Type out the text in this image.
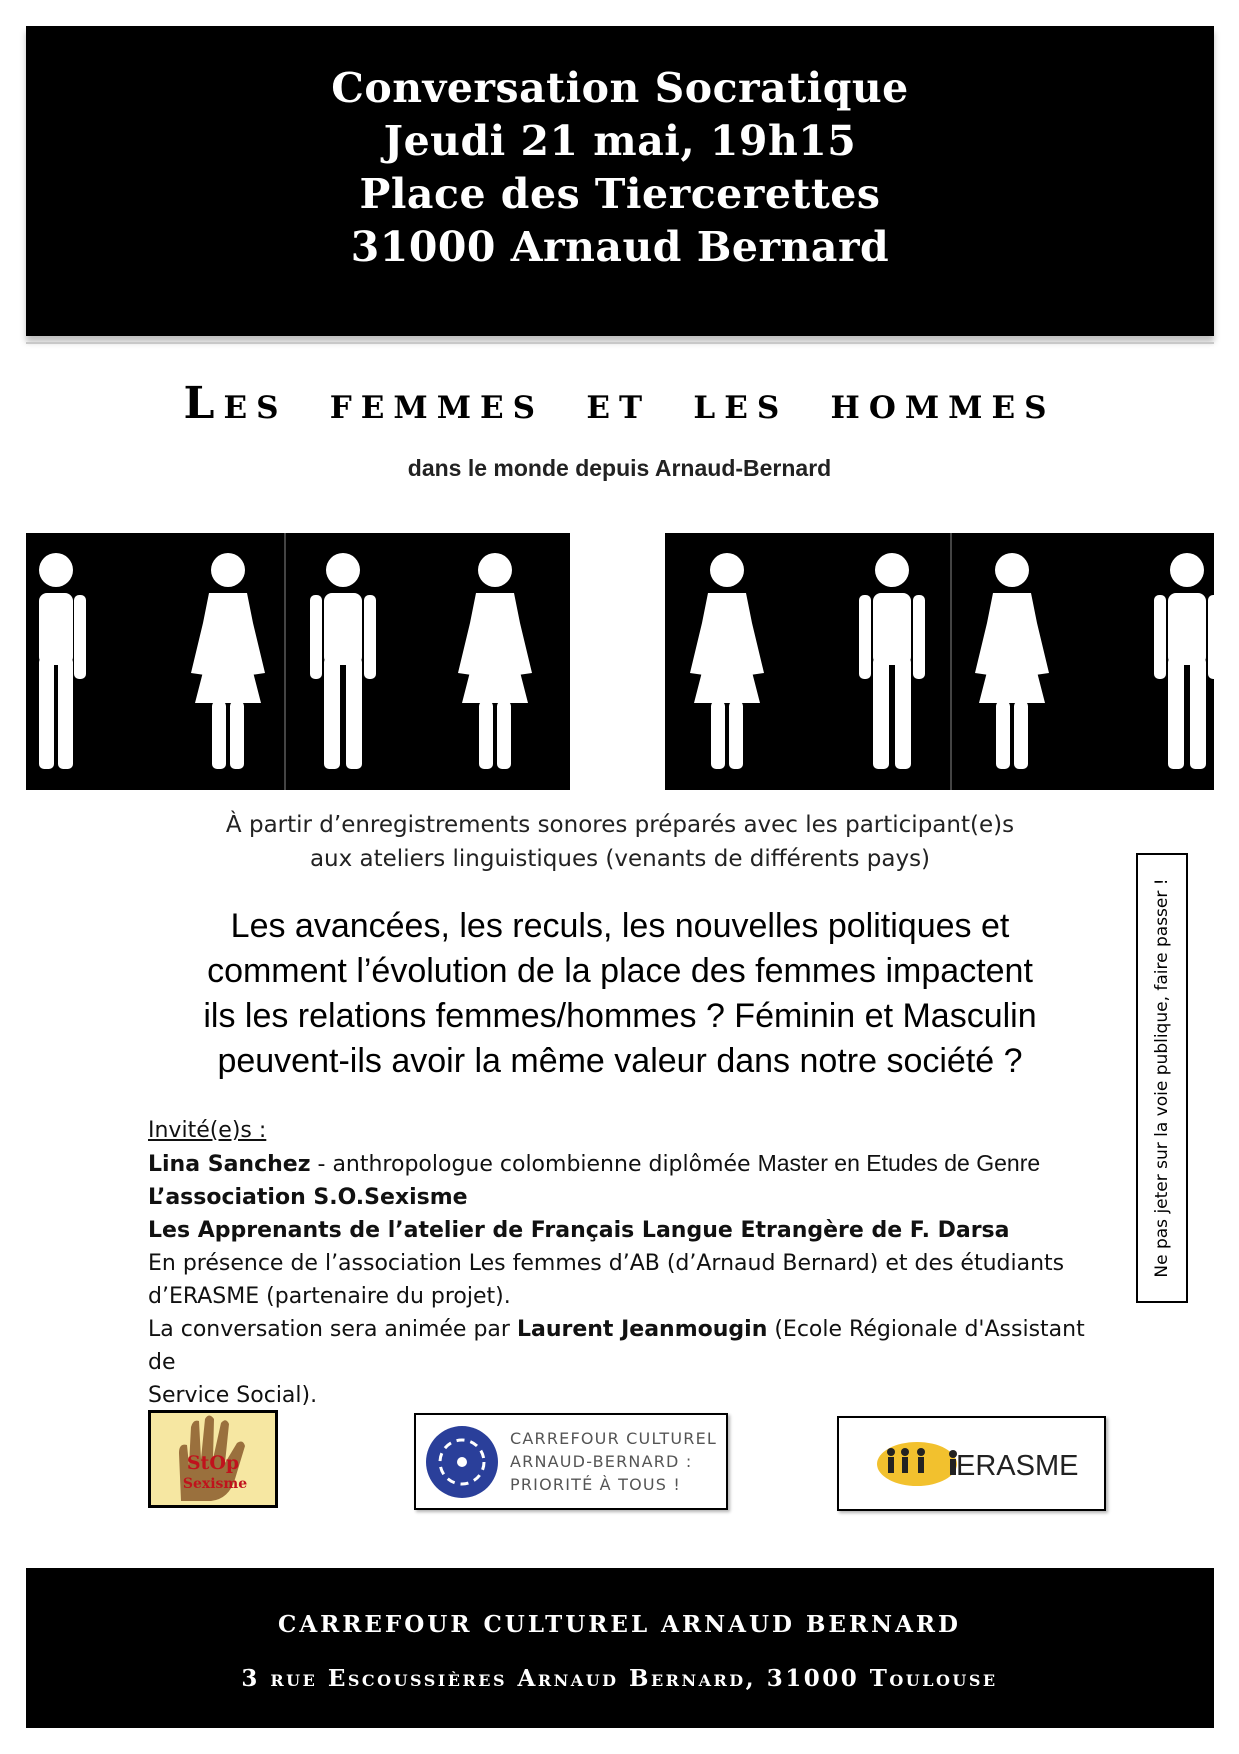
Conversation Socratique
Jeudi 21 mai, 19h15
Place des Tiercerettes
31000 Arnaud Bernard
Les femmes et les hommes
dans le monde depuis Arnaud-Bernard
À partir d’enregistrements sonores préparés avec les participant(e)s
aux ateliers linguistiques (venants de différents pays)
Les avancées, les reculs, les nouvelles politiques et
comment l’évolution de la place des femmes impactent
ils les relations femmes/hommes ? Féminin et Masculin
peuvent-ils avoir la même valeur dans notre société ?	Ne pas jeter sur la voie publique, faire passer !
Invité(e)s :
Lina Sanchez - anthropologue colombienne diplômée Master en Etudes de Genre
L’association S.O.Sexisme
Les Apprenants de l’atelier de Français Langue Etrangère de F. Darsa
En présence de l’association Les femmes d’AB (d’Arnaud Bernard) et des étudiants
d’ERASME (partenaire du projet).
La conversation sera animée par Laurent Jeanmougin (Ecole Régionale d'Assistant de
Service Social).
StOp
Sexisme
CARREFOUR CULTUREL
ARNAUD-BERNARD :
PRIORITÉ À TOUS !
ERASME
CARREFOUR CULTUREL ARNAUD BERNARD
3 rue Escoussières Arnaud Bernard, 31000 Toulouse
